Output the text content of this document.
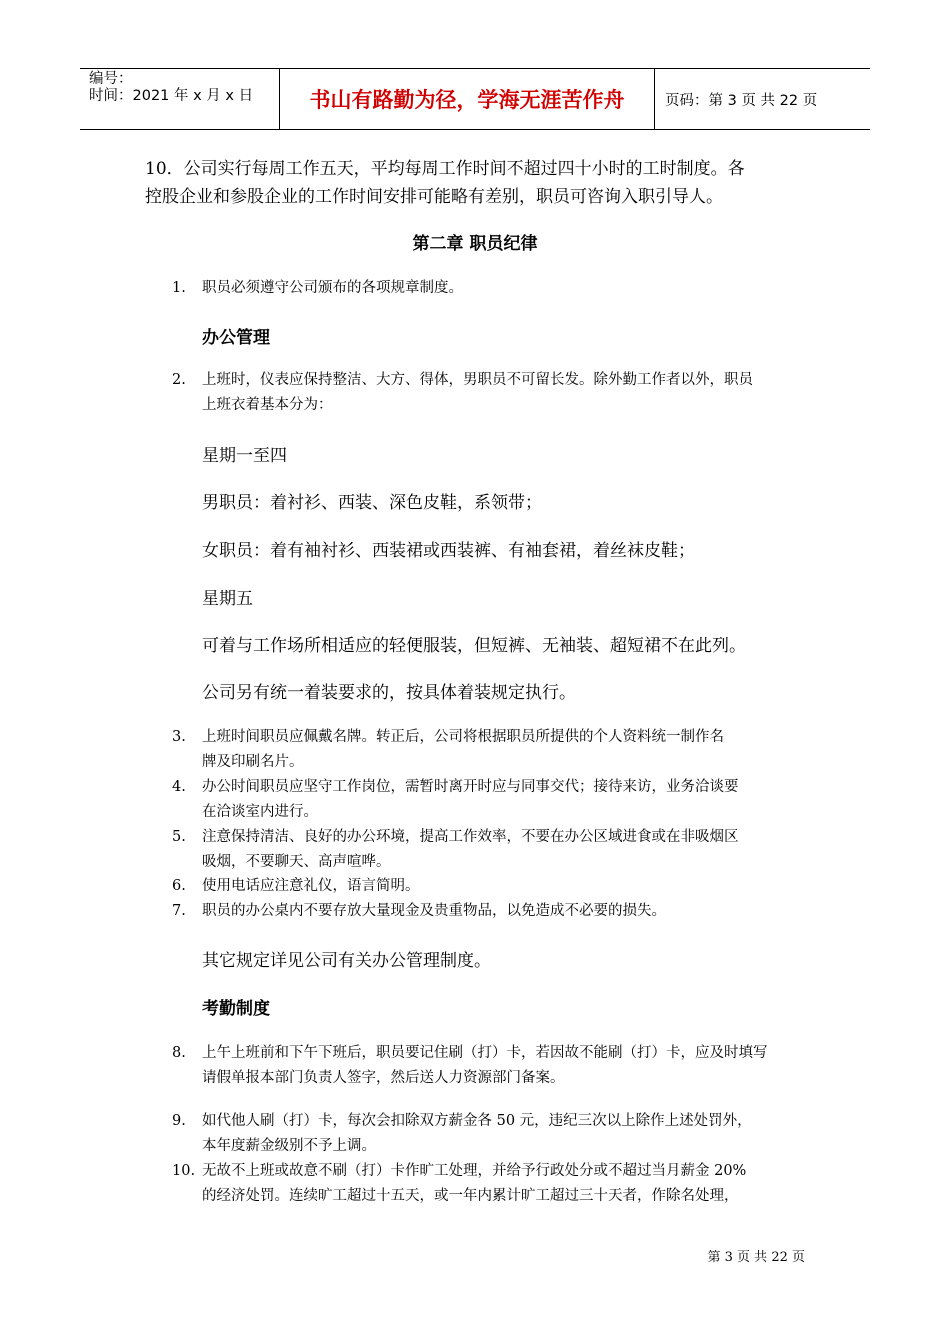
编号：
时间：2021 年 x 月 x 日	书山有路勤为径，学海无涯苦作舟	页码：第 3 页 共 22 页
10．公司实行每周工作五天，平均每周工作时间不超过四十小时的工时制度。各
控股企业和参股企业的工作时间安排可能略有差别，职员可咨询入职引导人。
第二章 职员纪律
1. 职员必须遵守公司颁布的各项规章制度。
办公管理
2. 上班时，仪表应保持整洁、大方、得体，男职员不可留长发。除外勤工作者以外，职员
上班衣着基本分为：
星期一至四
男职员：着衬衫、西装、深色皮鞋，系领带；
女职员：着有袖衬衫、西装裙或西装裤、有袖套裙，着丝袜皮鞋；
星期五
可着与工作场所相适应的轻便服装，但短裤、无袖装、超短裙不在此列。
公司另有统一着装要求的，按具体着装规定执行。
3. 上班时间职员应佩戴名牌。转正后，公司将根据职员所提供的个人资料统一制作名
牌及印刷名片。
4. 办公时间职员应坚守工作岗位，需暂时离开时应与同事交代；接待来访，业务洽谈要
在洽谈室内进行。
5. 注意保持清洁、良好的办公环境，提高工作效率，不要在办公区域进食或在非吸烟区
吸烟，不要聊天、高声喧哗。
6. 使用电话应注意礼仪，语言简明。
7. 职员的办公桌内不要存放大量现金及贵重物品，以免造成不必要的损失。
其它规定详见公司有关办公管理制度。
考勤制度
8. 上午上班前和下午下班后，职员要记住刷（打）卡，若因故不能刷（打）卡，应及时填写
请假单报本部门负责人签字，然后送人力资源部门备案。
9. 如代他人刷（打）卡，每次会扣除双方薪金各 50 元，违纪三次以上除作上述处罚外，
本年度薪金级别不予上调。
10. 无故不上班或故意不刷（打）卡作旷工处理，并给予行政处分或不超过当月薪金 20%
的经济处罚。连续旷工超过十五天，或一年内累计旷工超过三十天者，作除名处理，
第 3 页 共 22 页
